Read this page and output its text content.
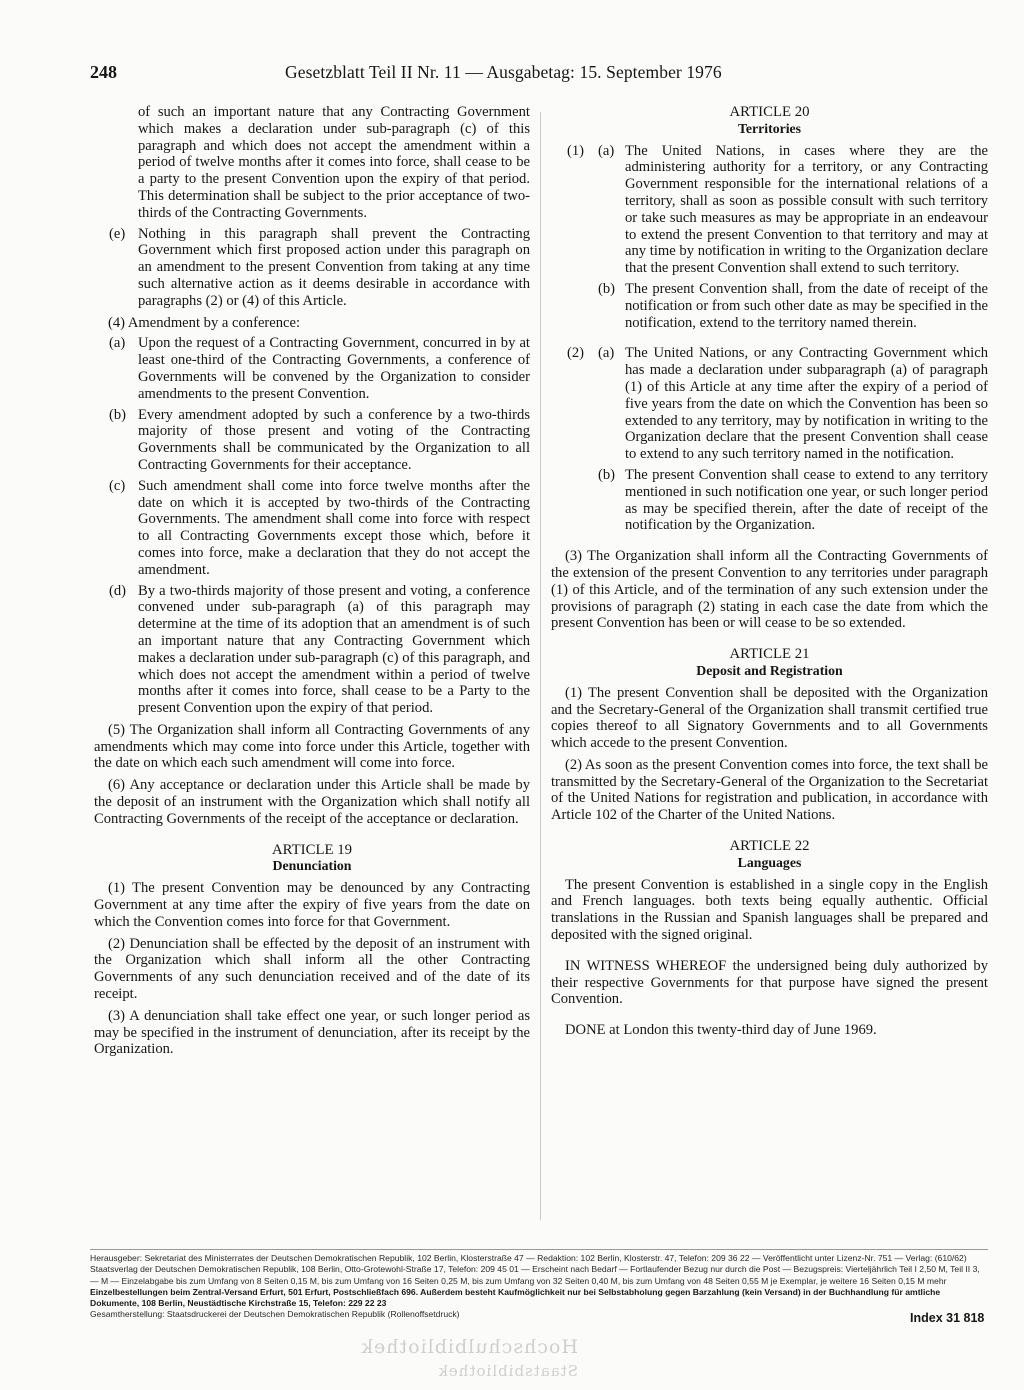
248	Gesetzblatt Teil II Nr. 11 — Ausgabetag: 15. September 1976

of such an important nature that any Contracting Government which makes a declaration under sub-paragraph (c) of this paragraph and which does not accept the amendment within a period of twelve months after it comes into force, shall cease to be a party to the present Convention upon the expiry of that period. This determination shall be subject to the prior acceptance of two-thirds of the Contracting Governments.

(e) Nothing in this paragraph shall prevent the Contracting Government which first proposed action under this paragraph on an amendment to the present Convention from taking at any time such alternative action as it deems desirable in accordance with paragraphs (2) or (4) of this Article.

(4) Amendment by a conference:

(a) Upon the request of a Contracting Government, concurred in by at least one-third of the Contracting Governments, a conference of Governments will be convened by the Organization to consider amendments to the present Convention.

(b) Every amendment adopted by such a conference by a two-thirds majority of those present and voting of the Contracting Governments shall be communicated by the Organization to all Contracting Governments for their acceptance.

(c) Such amendment shall come into force twelve months after the date on which it is accepted by two-thirds of the Contracting Governments. The amendment shall come into force with respect to all Contracting Governments except those which, before it comes into force, make a declaration that they do not accept the amendment.

(d) By a two-thirds majority of those present and voting, a conference convened under sub-paragraph (a) of this paragraph may determine at the time of its adoption that an amendment is of such an important nature that any Contracting Government which makes a declaration under sub-paragraph (c) of this paragraph, and which does not accept the amendment within a period of twelve months after it comes into force, shall cease to be a Party to the present Convention upon the expiry of that period.

(5) The Organization shall inform all Contracting Governments of any amendments which may come into force under this Article, together with the date on which each such amendment will come into force.

(6) Any acceptance or declaration under this Article shall be made by the deposit of an instrument with the Organization which shall notify all Contracting Governments of the receipt of the acceptance or declaration.

ARTICLE 19
Denunciation

(1) The present Convention may be denounced by any Contracting Government at any time after the expiry of five years from the date on which the Convention comes into force for that Government.

(2) Denunciation shall be effected by the deposit of an instrument with the Organization which shall inform all the other Contracting Governments of any such denunciation received and of the date of its receipt.

(3) A denunciation shall take effect one year, or such longer period as may be specified in the instrument of denunciation, after its receipt by the Organization.

ARTICLE 20
Territories
(1) (a) The United Nations, in cases where they are the administering authority for a territory, or any Contracting Government responsible for the international relations of a territory, shall as soon as possible consult with such territory or take such measures as may be appropriate in an endeavour to extend the present Convention to that territory and may at any time by notification in writing to the Organization declare that the present Convention shall extend to such territory.

(b) The present Convention shall, from the date of receipt of the notification or from such other date as may be specified in the notification, extend to the territory named therein.

(2) (a) The United Nations, or any Contracting Government which has made a declaration under subparagraph (a) of paragraph (1) of this Article at any time after the expiry of a period of five years from the date on which the Convention has been so extended to any territory, may by notification in writing to the Organization declare that the present Convention shall cease to extend to any such territory named in the notification.

(b) The present Convention shall cease to extend to any territory mentioned in such notification one year, or such longer period as may be specified therein, after the date of receipt of the notification by the Organization.

(3) The Organization shall inform all the Contracting Governments of the extension of the present Convention to any territories under paragraph (1) of this Article, and of the termination of any such extension under the provisions of paragraph (2) stating in each case the date from which the present Convention has been or will cease to be so extended.

ARTICLE 21
Deposit and Registration

(1) The present Convention shall be deposited with the Organization and the Secretary-General of the Organization shall transmit certified true copies thereof to all Signatory Governments and to all Governments which accede to the present Convention.

(2) As soon as the present Convention comes into force, the text shall be transmitted by the Secretary-General of the Organization to the Secretariat of the United Nations for registration and publication, in accordance with Article 102 of the Charter of the United Nations.

ARTICLE 22
Languages

The present Convention is established in a single copy in the English and French languages. both texts being equally authentic. Official translations in the Russian and Spanish languages shall be prepared and deposited with the signed original.

IN WITNESS WHEREOF the undersigned being duly authorized by their respective Governments for that purpose have signed the present Convention.

DONE at London this twenty-third day of June 1969.

Herausgeber: Sekretariat des Ministerrates der Deutschen Demokratischen Republik, 102 Berlin, Klosterstraße 47 — Redaktion: 102 Berlin, Klosterstr. 47, Telefon: 209 36 22 — Veröffentlicht unter Lizenz-Nr. 751 — Verlag: (610/62) Staatsverlag der Deutschen Demokratischen Republik, 108 Berlin, Otto-Grotewohl-Straße 17, Telefon: 209 45 01 — Erscheint nach Bedarf — Fortlaufender Bezug nur durch die Post — Bezugspreis: Vierteljährlich Teil I 2,50 M, Teil II 3,— M — Einzelabgabe bis zum Umfang von 8 Seiten 0,15 M, bis zum Umfang von 16 Seiten 0,25 M, bis zum Umfang von 32 Seiten 0,40 M, bis zum Umfang von 48 Seiten 0,55 M je Exemplar, je weitere 16 Seiten 0,15 M mehr
Einzelbestellungen beim Zentral-Versand Erfurt, 501 Erfurt, Postschließfach 696. Außerdem besteht Kaufmöglichkeit nur bei Selbstabholung gegen Barzahlung (kein Versand) in der Buchhandlung für amtliche Dokumente, 108 Berlin, Neustädtische Kirchstraße 15, Telefon: 229 22 23
Gesamtherstellung: Staatsdruckerei der Deutschen Demokratischen Republik (Rollenoffsetdruck)	Index 31 818
Hochschulbibliothek
Staatsbibliothek
